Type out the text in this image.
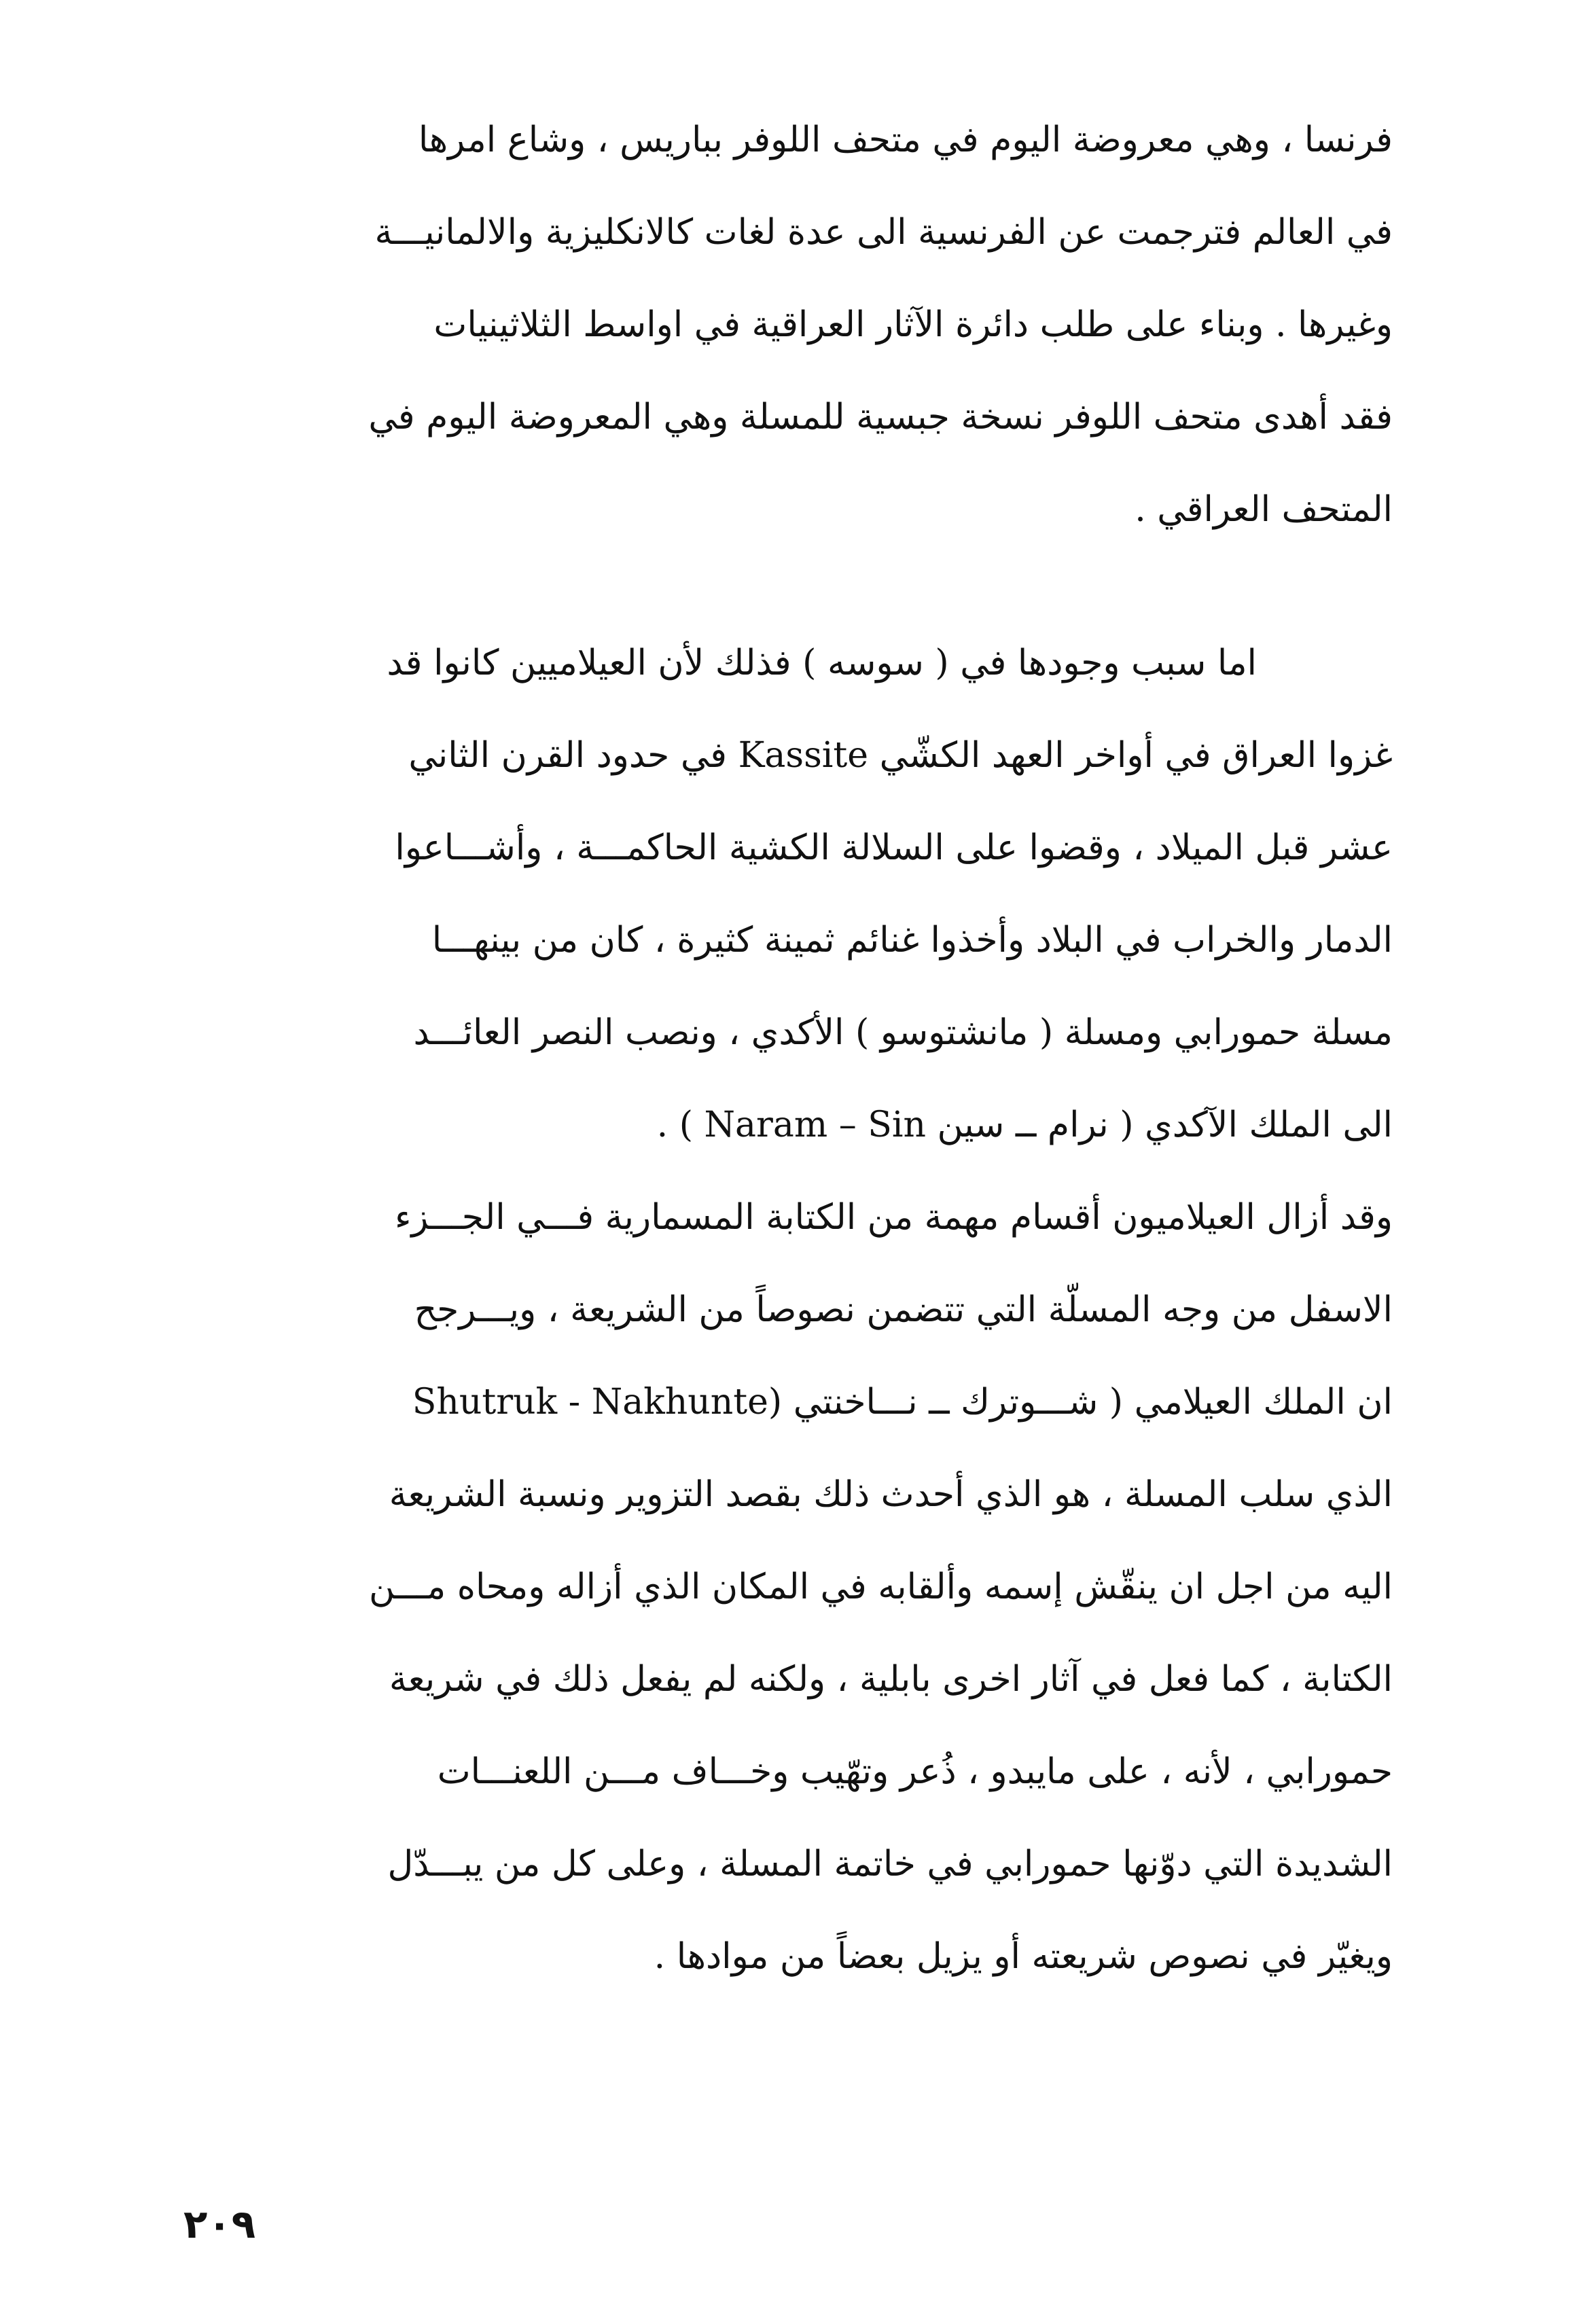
فرنسا ، وهي معروضة اليوم في متحف اللوفر بباريس ، وشاع امرها
في العالم فترجمت عن الفرنسية الى عدة لغات كالانكليزية والالمانيـــة
وغيرها . وبناء على طلب دائرة الآثار العراقية في اواسط الثلاثينيات
فقد أهدى متحف اللوفر نسخة جبسية للمسلة وهي المعروضة اليوم في
المتحف العراقي .
اما سبب وجودها في ( سوسه ) فذلك لأن العيلاميين كانوا قد
غزوا العراق في أواخر العهد الكشّي Kassite في حدود القرن الثاني
عشر قبل الميلاد ، وقضوا على السلالة الكشية الحاكمـــة ، وأشـــاعوا
الدمار والخراب في البلاد وأخذوا غنائم ثمينة كثيرة ، كان من بينهـــا
مسلة حمورابي ومسلة ( مانشتوسو ) الأكدي ، ونصب النصر العائـــد
الى الملك الآكدي ( نرام ــ سين Naram – Sin ) .
وقد أزال العيلاميون أقسام مهمة من الكتابة المسمارية فـــي الجـــزء
الاسفل من وجه المسلّة التي تتضمن نصوصاً من الشريعة ، ويـــرجح
ان الملك العيلامي ( شـــوترك ــ نـــاخنتي (Shutruk - Nakhunte
الذي سلب المسلة ، هو الذي أحدث ذلك بقصد التزوير ونسبة الشريعة
اليه من اجل ان ينقّش إسمه وألقابه في المكان الذي أزاله ومحاه مـــن
الكتابة ، كما فعل في آثار اخرى بابلية ، ولكنه لم يفعل ذلك في شريعة
حمورابي ، لأنه ، على مايبدو ، ذُعر وتهّيب وخـــاف مـــن اللعنـــات
الشديدة التي دوّنها حمورابي في خاتمة المسلة ، وعلى كل من يبـــدّل
ويغيّر في نصوص شريعته أو يزيل بعضاً من موادها .
٢٠٩
